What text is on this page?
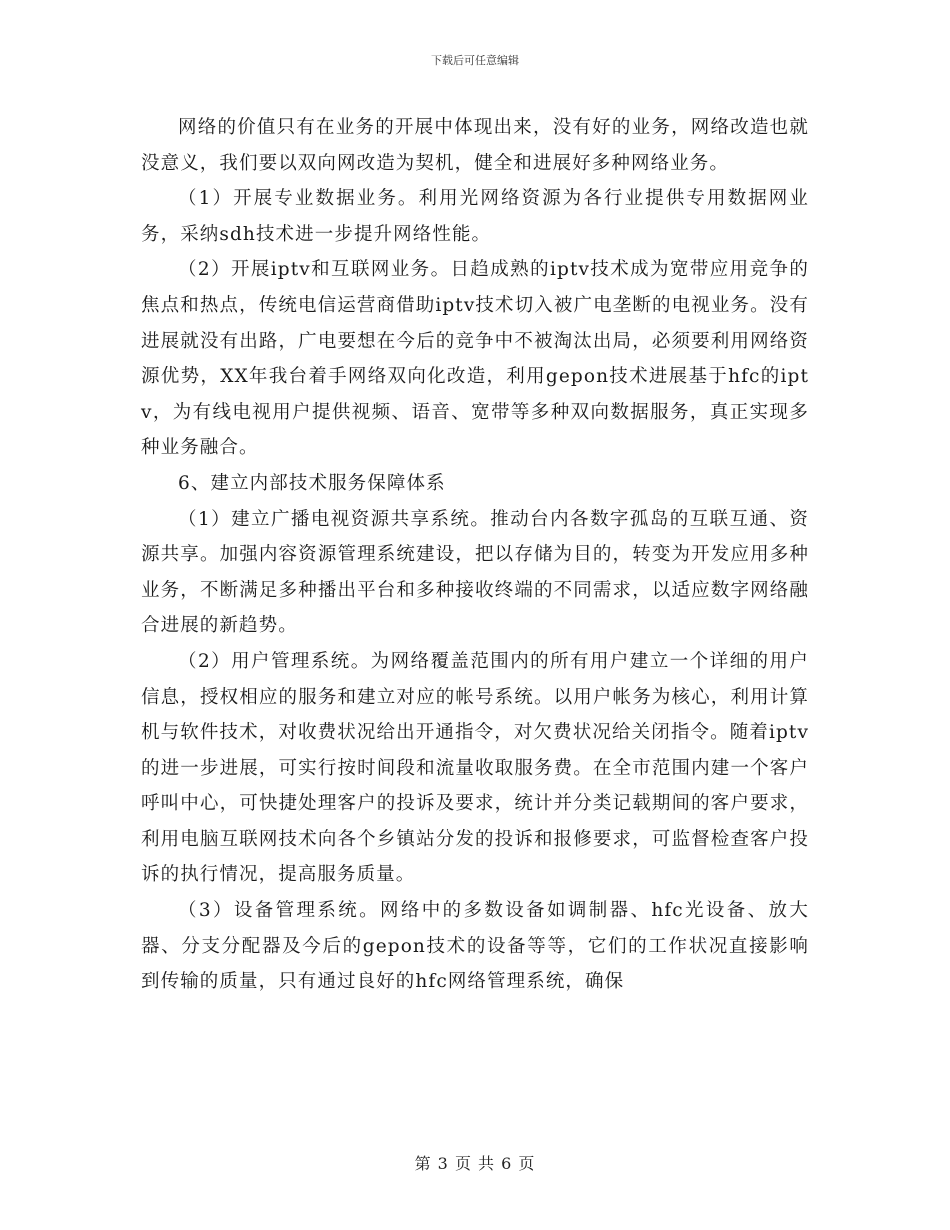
下载后可任意编辑

网络的价值只有在业务的开展中体现出来，没有好的业务，网络改造也就没意义，我们要以双向网改造为契机，健全和进展好多种网络业务。

（1）开展专业数据业务。利用光网络资源为各行业提供专用数据网业务，采纳sdh技术进一步提升网络性能。

（2）开展iptv和互联网业务。日趋成熟的iptv技术成为宽带应用竞争的焦点和热点，传统电信运营商借助iptv技术切入被广电垄断的电视业务。没有进展就没有出路，广电要想在今后的竞争中不被淘汰出局，必须要利用网络资源优势，XX年我台着手网络双向化改造，利用gepon技术进展基于hfc的iptv，为有线电视用户提供视频、语音、宽带等多种双向数据服务，真正实现多种业务融合。

6、建立内部技术服务保障体系

（1）建立广播电视资源共享系统。推动台内各数字孤岛的互联互通、资源共享。加强内容资源管理系统建设，把以存储为目的，转变为开发应用多种业务，不断满足多种播出平台和多种接收终端的不同需求，以适应数字网络融合进展的新趋势。

（2）用户管理系统。为网络覆盖范围内的所有用户建立一个详细的用户信息，授权相应的服务和建立对应的帐号系统。以用户帐务为核心，利用计算机与软件技术，对收费状况给出开通指令，对欠费状况给关闭指令。随着iptv的进一步进展，可实行按时间段和流量收取服务费。在全市范围内建一个客户呼叫中心，可快捷处理客户的投诉及要求，统计并分类记载期间的客户要求，利用电脑互联网技术向各个乡镇站分发的投诉和报修要求，可监督检查客户投诉的执行情况，提高服务质量。

（3）设备管理系统。网络中的多数设备如调制器、hfc光设备、放大器、分支分配器及今后的gepon技术的设备等等，它们的工作状况直接影响到传输的质量，只有通过良好的hfc网络管理系统，确保

第 3 页 共 6 页
